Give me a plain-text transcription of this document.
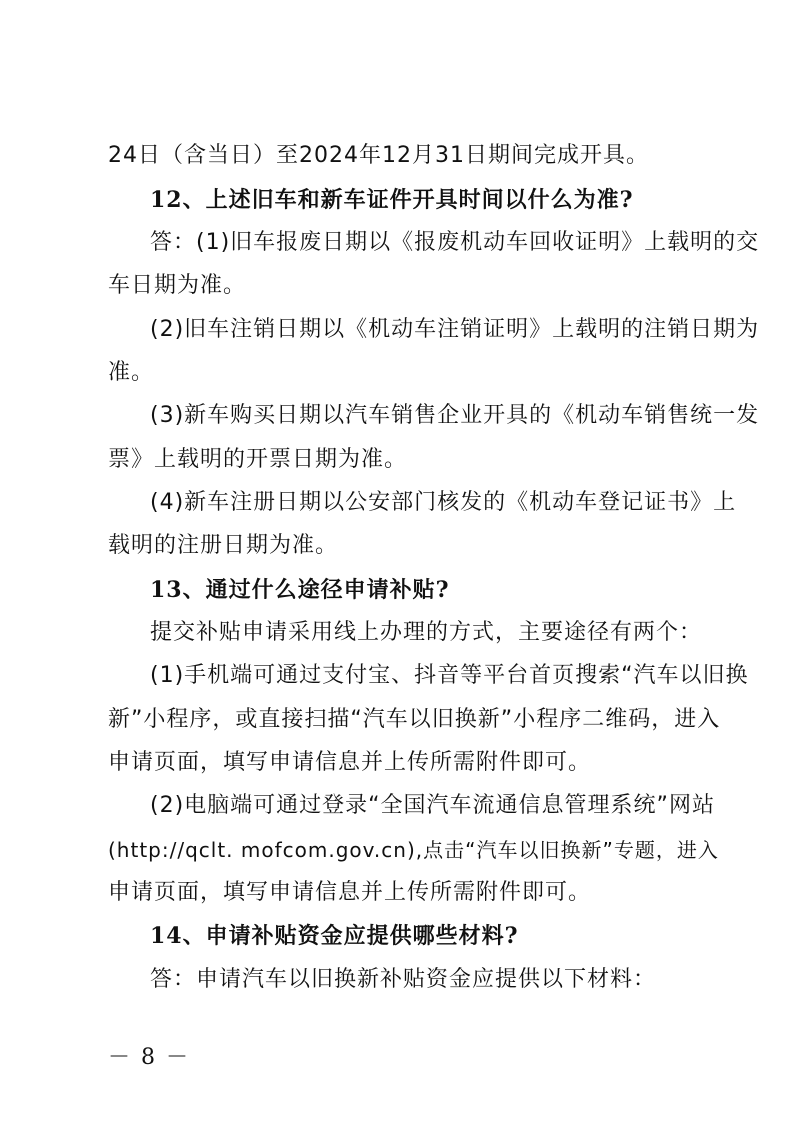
24日（含当日）至2024年12月31日期间完成开具。
12、上述旧车和新车证件开具时间以什么为准?
答：(1)旧车报废日期以《报废机动车回收证明》上载明的交
车日期为准。
(2)旧车注销日期以《机动车注销证明》上载明的注销日期为
准。
(3)新车购买日期以汽车销售企业开具的《机动车销售统一发
票》上载明的开票日期为准。
(4)新车注册日期以公安部门核发的《机动车登记证书》上
载明的注册日期为准。
13、通过什么途径申请补贴?
提交补贴申请采用线上办理的方式，主要途径有两个：
(1)手机端可通过支付宝、抖音等平台首页搜索“汽车以旧换
新”小程序，或直接扫描“汽车以旧换新”小程序二维码，进入
申请页面，填写申请信息并上传所需附件即可。
(2)电脑端可通过登录“全国汽车流通信息管理系统”网站
(http://qclt. mofcom.gov.cn),点击“汽车以旧换新”专题，进入
申请页面，填写申请信息并上传所需附件即可。
14、申请补贴资金应提供哪些材料?
答：申请汽车以旧换新补贴资金应提供以下材料：
－ 8 －
